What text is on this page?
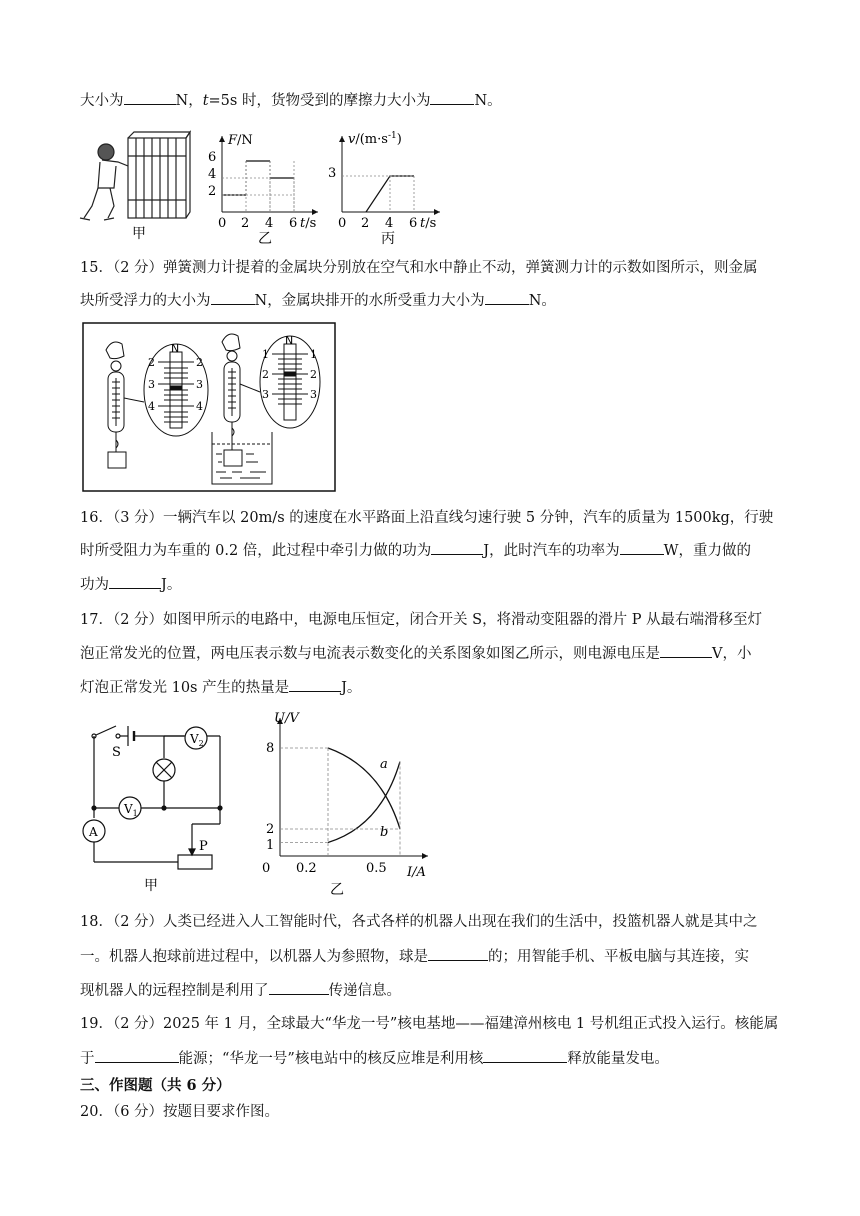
大小为	N，t=5s 时，货物受到的摩擦力大小为	N。
甲
F/N
6
4
2
0 2 4 6 t/s
乙
$v/(m\cdot s^{-1})$
3
0 2 4 6 t/s
丙
15．（2 分）弹簧测力计提着的金属块分别放在空气和水中静止不动，弹簧测力计的示数如图所示，则金属
块所受浮力的大小为	N，金属块排开的水所受重力大小为	N。
N
2	2
3	3
4	4
N
1	1
2	2
3	3
16．（3 分）一辆汽车以 20m/s 的速度在水平路面上沿直线匀速行驶 5 分钟，汽车的质量为 1500kg，行驶
时所受阻力为车重的 0.2 倍，此过程中牵引力做的功为	J，此时汽车的功率为	W，重力做的
功为	J。
17．（2 分）如图甲所示的电路中，电源电压恒定，闭合开关 S，将滑动变阻器的滑片 P 从最右端滑移至灯
泡正常发光的位置，两电压表示数与电流表示数变化的关系图象如图乙所示，则电源电压是	V，小
灯泡正常发光 10s 产生的热量是	J。
S
$V_2$
$V_1$
A
P
甲
U/V
I/A
0
8
2
1
0.2	0.5
a
b
乙
18．（2 分）人类已经进入人工智能时代，各式各样的机器人出现在我们的生活中，投篮机器人就是其中之
一。机器人抱球前进过程中，以机器人为参照物，球是	的；用智能手机、平板电脑与其连接，实
现机器人的远程控制是利用了	传递信息。
19．（2 分）2025 年 1 月，全球最大“华龙一号”核电基地——福建漳州核电 1 号机组正式投入运行。核能属
于	能源；“华龙一号”核电站中的核反应堆是利用核	释放能量发电。
三、作图题（共 6 分）
20．（6 分）按题目要求作图。
